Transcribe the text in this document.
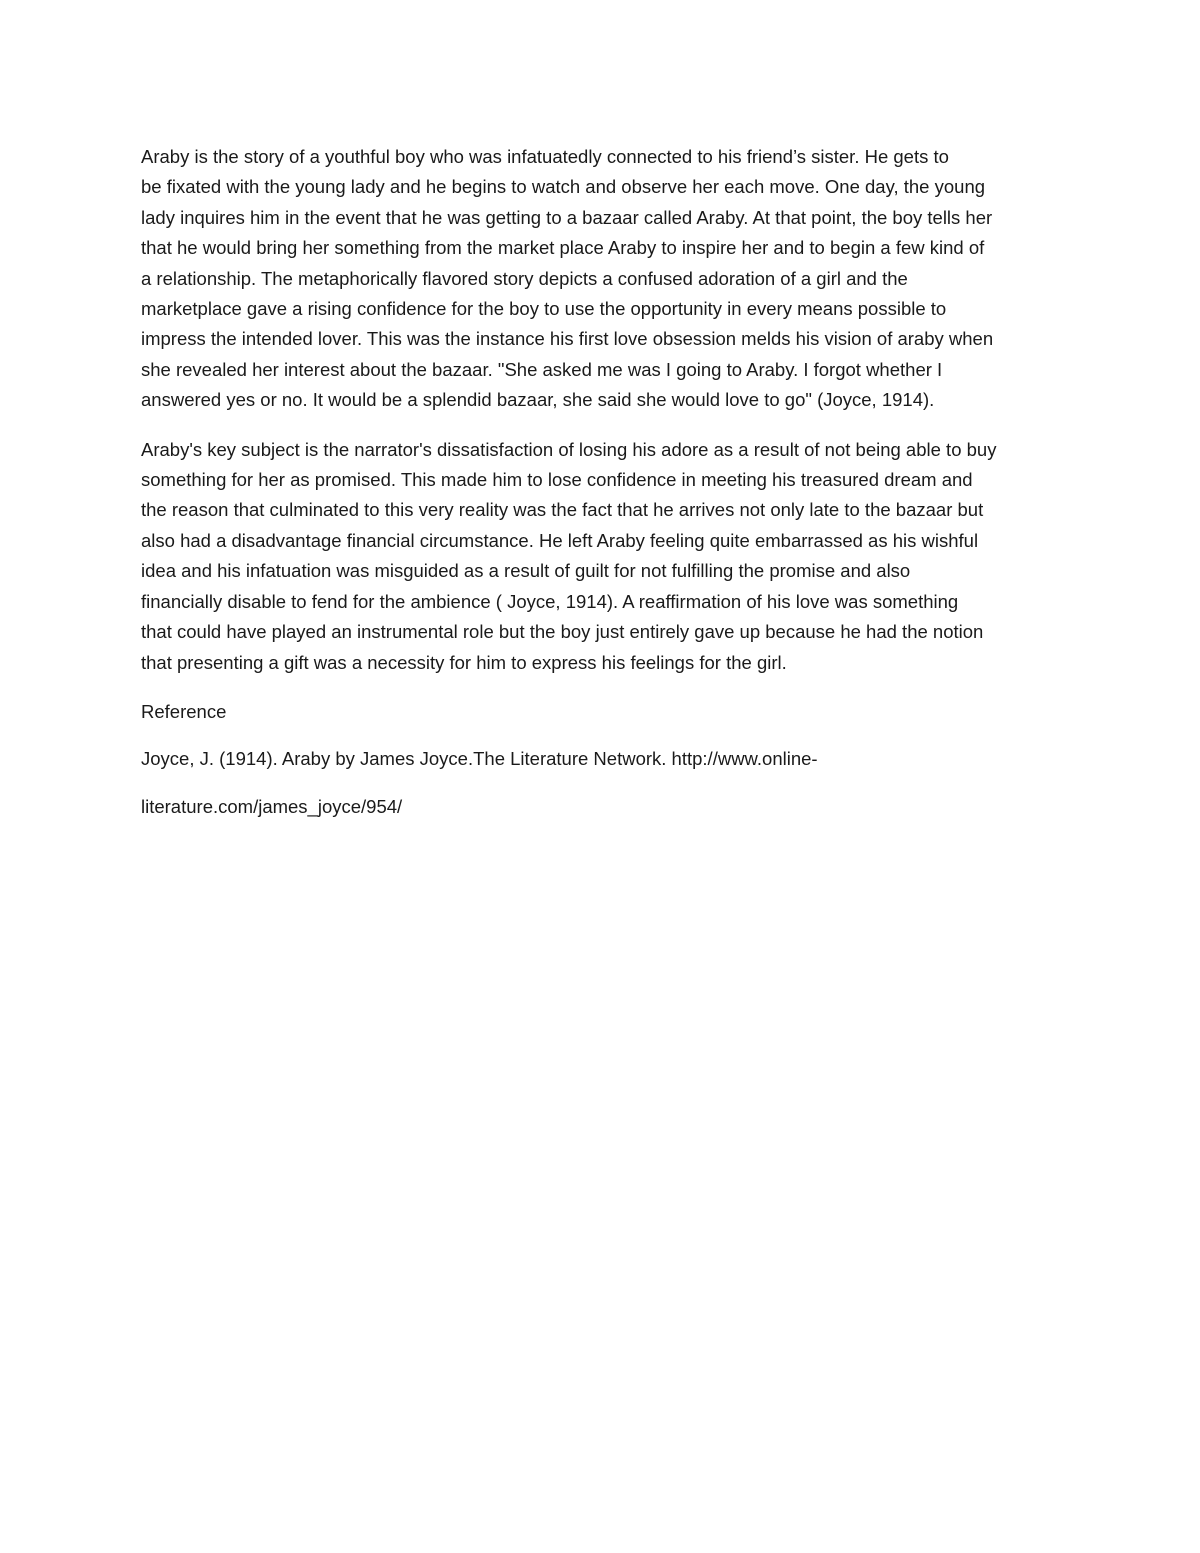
Araby is the story of a youthful boy who was infatuatedly connected to his friend’s sister. He gets to
be fixated with the young lady and he begins to watch and observe her each move. One day, the young
lady inquires him in the event that he was getting to a bazaar called Araby. At that point, the boy tells her
that he would bring her something from the market place Araby to inspire her and to begin a few kind of
a relationship. The metaphorically flavored story depicts a confused adoration of a girl and the
marketplace gave a rising confidence for the boy to use the opportunity in every means possible to
impress the intended lover. This was the instance his first love obsession melds his vision of araby when
she revealed her interest about the bazaar. "She asked me was I going to Araby. I forgot whether I
answered yes or no. It would be a splendid bazaar, she said she would love to go" (Joyce, 1914).

Araby's key subject is the narrator's dissatisfaction of losing his adore as a result of not being able to buy
something for her as promised. This made him to lose confidence in meeting his treasured dream and
the reason that culminated to this very reality was the fact that he arrives not only late to the bazaar but
also had a disadvantage financial circumstance. He left Araby feeling quite embarrassed as his wishful
idea and his infatuation was misguided as a result of guilt for not fulfilling the promise and also
financially disable to fend for the ambience ( Joyce, 1914). A reaffirmation of his love was something
that could have played an instrumental role but the boy just entirely gave up because he had the notion
that presenting a gift was a necessity for him to express his feelings for the girl.

Reference

Joyce, J. (1914). Araby by James Joyce.The Literature Network. http://www.online-

literature.com/james_joyce/954/
